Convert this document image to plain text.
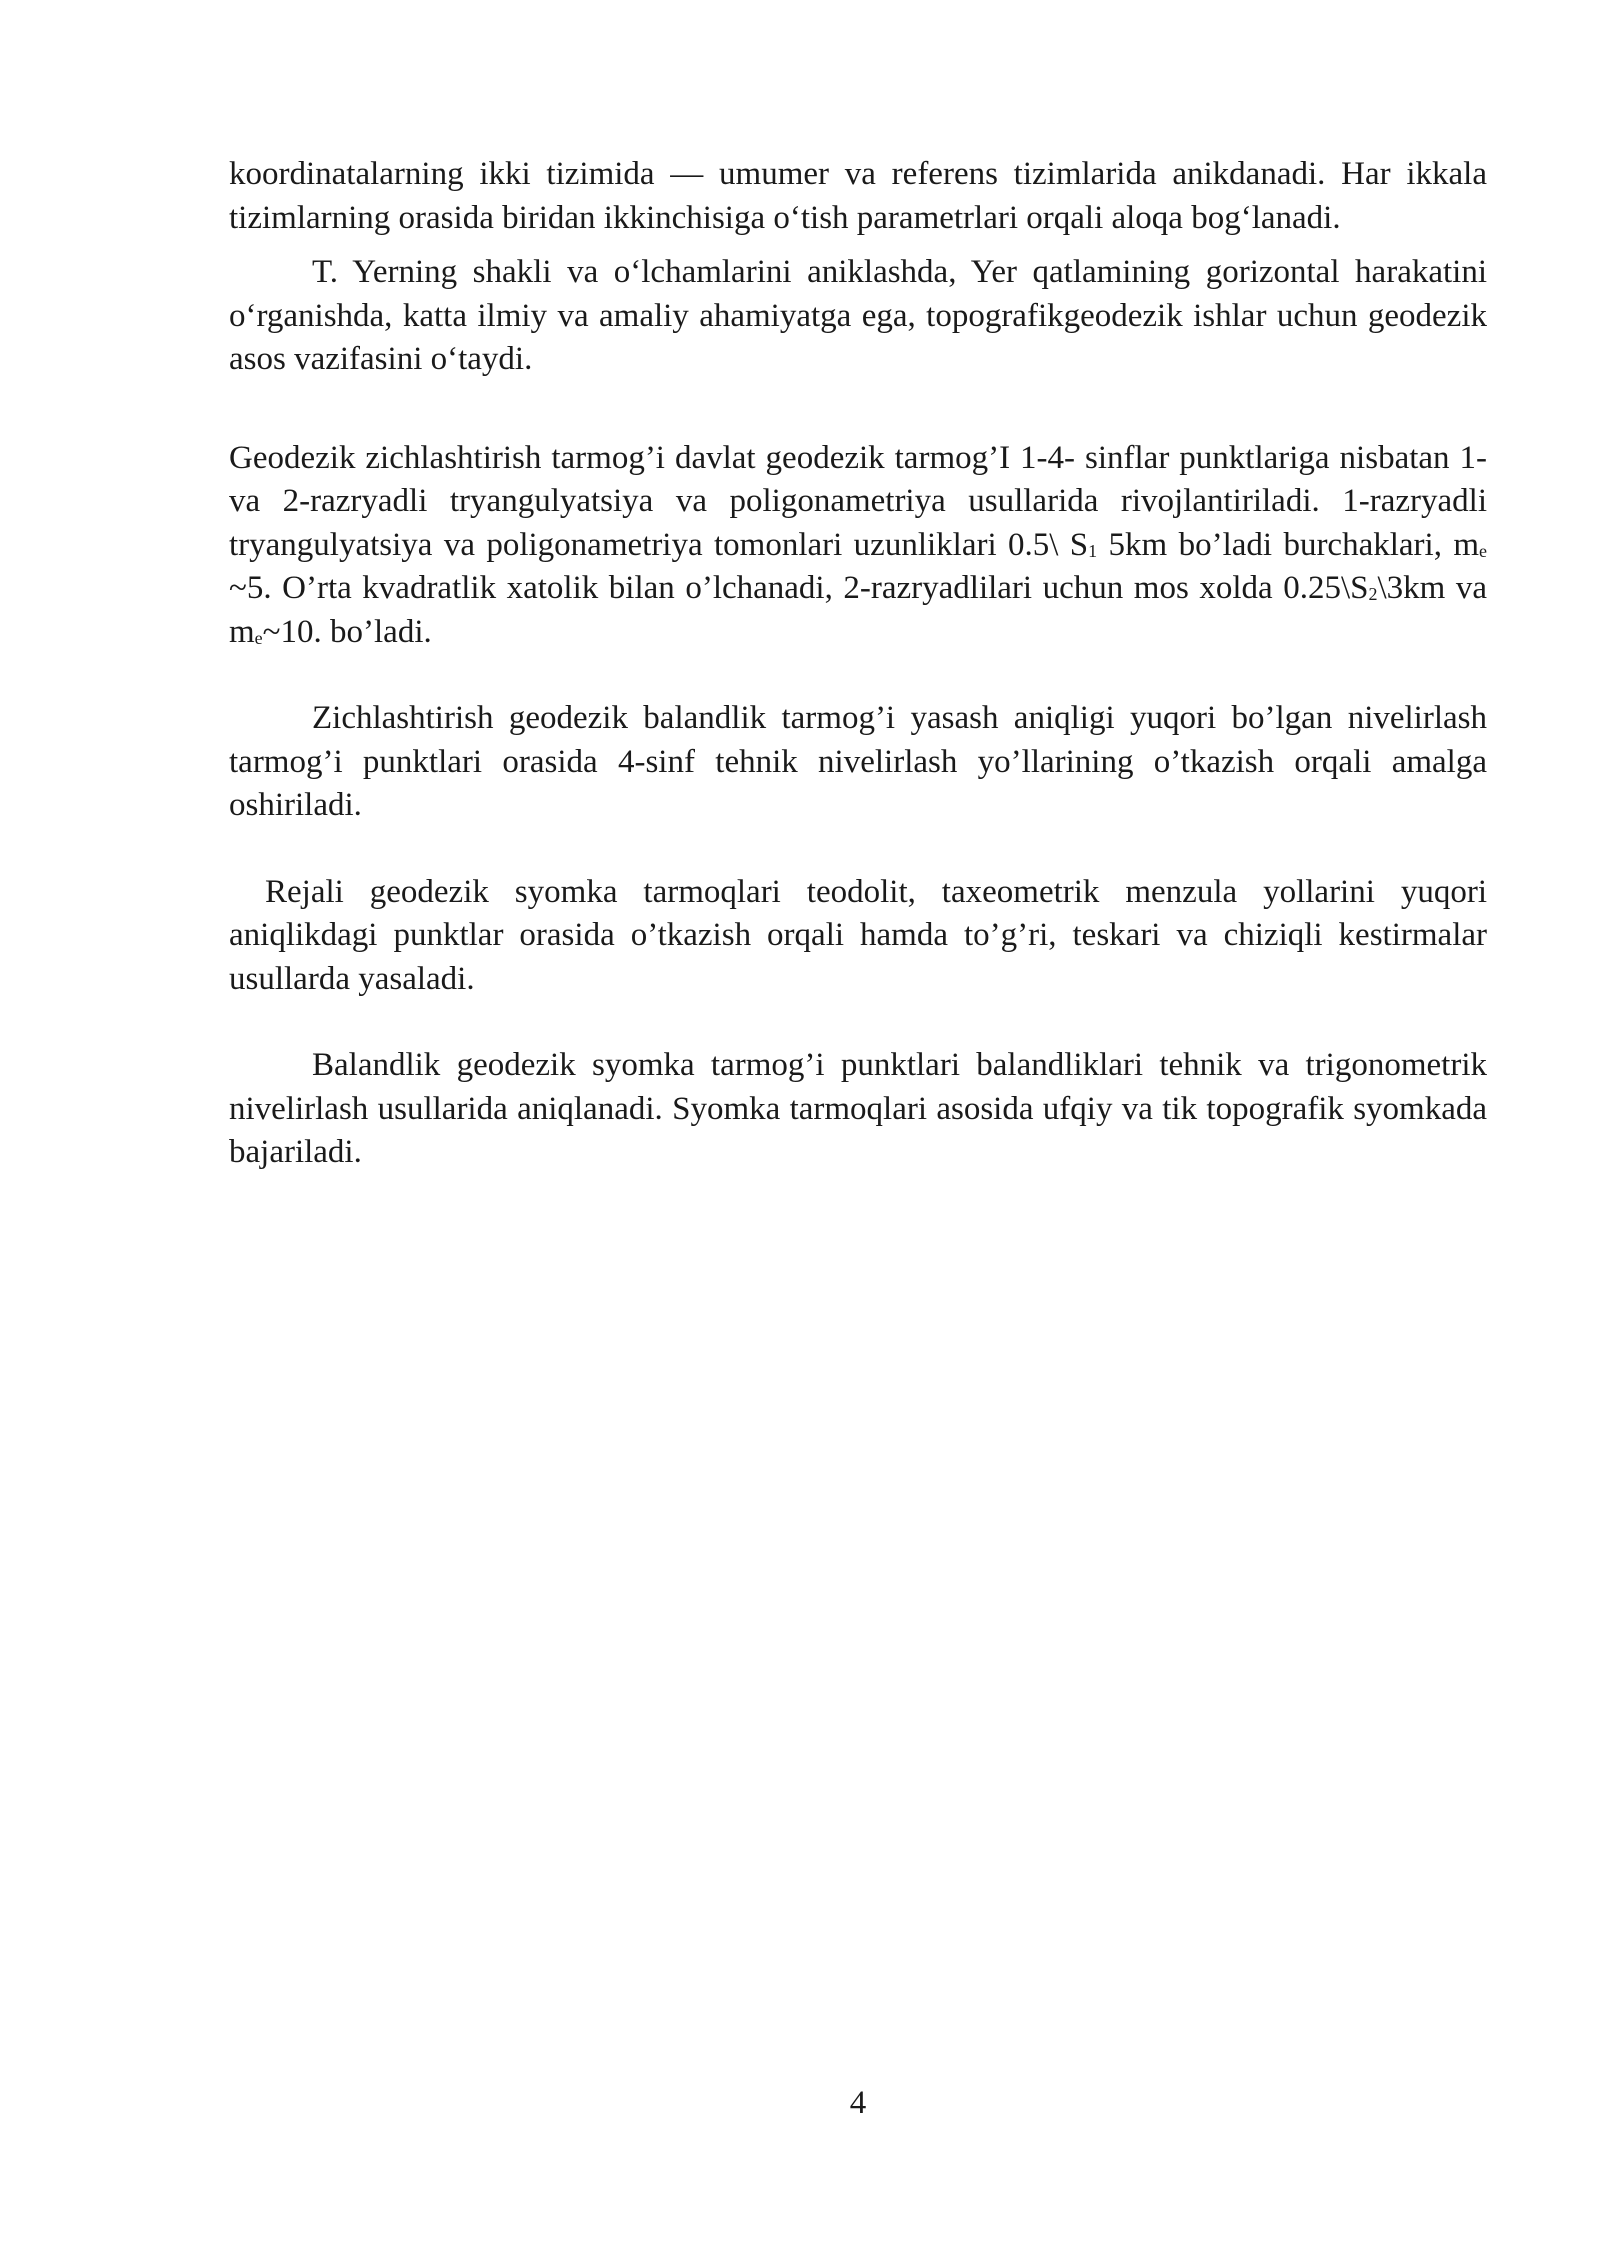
koordinatalarning ikki tizimida — umumer va referens tizimlarida anikdanadi. Har ikkala tizimlarning orasida biridan ikkinchisiga o‘tish parametrlari orqali aloqa bog‘lanadi.

T. Yerning shakli va o‘lchamlarini aniklashda, Yer qatlamining gorizontal harakatini o‘rganishda, katta ilmiy va amaliy ahamiyatga ega, topografikgeodezik ishlar uchun geodezik asos vazifasini o‘taydi.

Geodezik zichlashtirish tarmog’i davlat geodezik tarmog’I 1-4- sinflar punktlariga nisbatan 1- va 2-razryadli tryangulyatsiya va poligonametriya usullarida rivojlantiriladi. 1-razryadli tryangulyatsiya va poligonametriya tomonlari uzunliklari 0.5\ $S_1$ 5km bo’ladi burchaklari, $m_e$ ~5. O’rta kvadratlik xatolik bilan o’lchanadi, 2-razryadlilari uchun mos xolda $0.25\backslash S_2\backslash 3km$ va $m_e\sim 10$. bo’ladi.

Zichlashtirish geodezik balandlik tarmog’i yasash aniqligi yuqori bo’lgan nivelirlash tarmog’i punktlari orasida 4-sinf tehnik nivelirlash yo’llarining o’tkazish orqali amalga oshiriladi.

Rejali geodezik syomka tarmoqlari teodolit, taxeometrik menzula yollarini yuqori aniqlikdagi punktlar orasida o’tkazish orqali hamda to’g’ri, teskari va chiziqli kestirmalar usullarda yasaladi.

Balandlik geodezik syomka tarmog’i punktlari balandliklari tehnik va trigonometrik nivelirlash usullarida aniqlanadi. Syomka tarmoqlari asosida ufqiy va tik topografik syomkada bajariladi.

4
